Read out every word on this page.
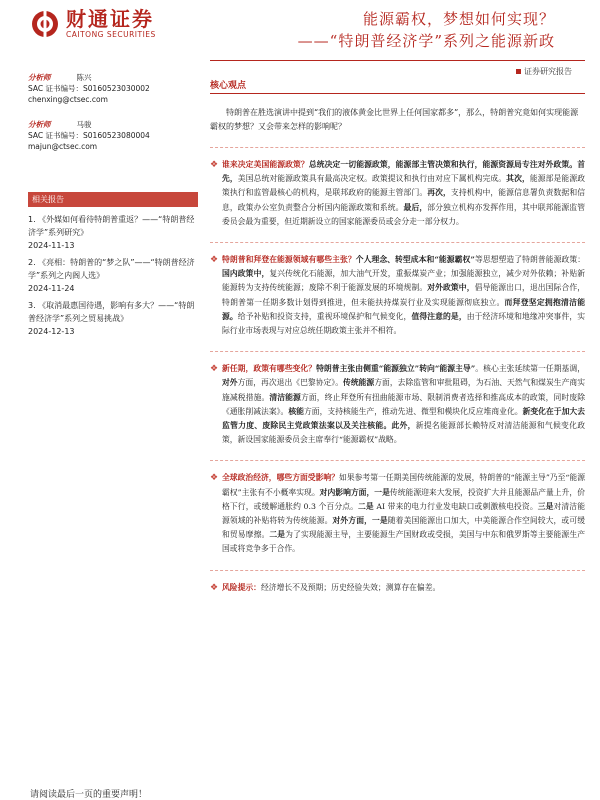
财通证券
CAITONG SECURITIES
能源霸权，梦想如何实现？
——“特朗普经济学”系列之能源新政
证券研究报告
分析师	陈兴
SAC 证书编号：S0160523030002
chenxing@ctsec.com
分析师	马骏
SAC 证书编号：S0160523080004
majun@ctsec.com
相关报告
1. 《外媒如何看待特朗普重返？——“特朗普经济学”系列研究》
2024-11-13
2. 《亮相：特朗普的“梦之队”——“特朗普经济学”系列之内阁人选》
2024-11-24
3. 《取消最惠国待遇，影响有多大？——“特朗普经济学”系列之贸易挑战》
2024-12-13
核心观点

特朗普在胜选演讲中提到“我们的液体黄金比世界上任何国家都多”，那么，特朗普究竟如何实现能源霸权的梦想？又会带来怎样的影响呢？

❖ 谁来决定美国能源政策？总统决定一切能源政策，能源部主管决策和执行，能源资源局专注对外政策。首先，美国总统对能源政策具有最高决定权。政策提议和执行由对应下属机构完成。其次，能源部是能源政策执行和监管最核心的机构，是联邦政府的能源主管部门。再次，支持机构中，能源信息署负责数据和信息，政策办公室负责整合分析国内能源政策和系统。最后，部分独立机构亦发挥作用，其中联邦能源监管委员会最为重要，但近期新设立的国家能源委员或会分走一部分权力。
❖ 特朗普和拜登在能源领域有哪些主张？个人理念、转型成本和“能源霸权”等思想塑造了特朗普能源政策：国内政策中，复兴传统化石能源，加大油气开发，重振煤炭产业；加强能源独立，减少对外依赖；补贴新能源转为支持传统能源；废除不利于能源发展的环境规制。对外政策中，倡导能源出口，退出国际合作，特朗普第一任期多数计划得到推进，但未能扶持煤炭行业及实现能源彻底独立。而拜登坚定拥抱清洁能源。给予补贴和投资支持，重视环境保护和气候变化，值得注意的是，由于经济环境和地缘冲突事件，实际行业市场表现与对应总统任期政策主张并不相符。
❖ 新任期，政策有哪些变化？特朗普主张由侧重“能源独立”转向“能源主导”。核心主张延续第一任期基调，对外方面，再次退出《巴黎协定》。传统能源方面，去除监管和审批阻碍，为石油、天然气和煤炭生产商实施减税措施。清洁能源方面，终止拜登所有扭曲能源市场、限制消费者选择和推高成本的政策，同时废除《通胀削减法案》。核能方面，支持核能生产，推动先进、微型和模块化反应堆商业化。新变化在于加大去监管力度、废除民主党政策法案以及关注核能。此外，新提名能源部长赖特反对清洁能源和气候变化政策，新设国家能源委员会主席奉行“能源霸权”战略。
❖ 全球政治经济，哪些方面受影响？如果参考第一任期美国传统能源的发展，特朗普的“能源主导”乃至“能源霸权”主张有不小概率实现。对内影响方面，一是传统能源迎来大发展，投资扩大并且能源品产量上升，价格下行，或缓解通胀约 0.3 个百分点。二是 AI 带来的电力行业发电缺口或刺激核电投资。三是对清洁能源领域的补贴将转为传统能源。对外方面，一是随着美国能源出口加大，中美能源合作空间较大，或可缓和贸易摩擦。二是为了实现能源主导，主要能源生产国财政或受损，美国与中东和俄罗斯等主要能源生产国或将竞争多于合作。
❖ 风险提示：经济增长不及预期；历史经验失效；测算存在偏差。
请阅读最后一页的重要声明！
